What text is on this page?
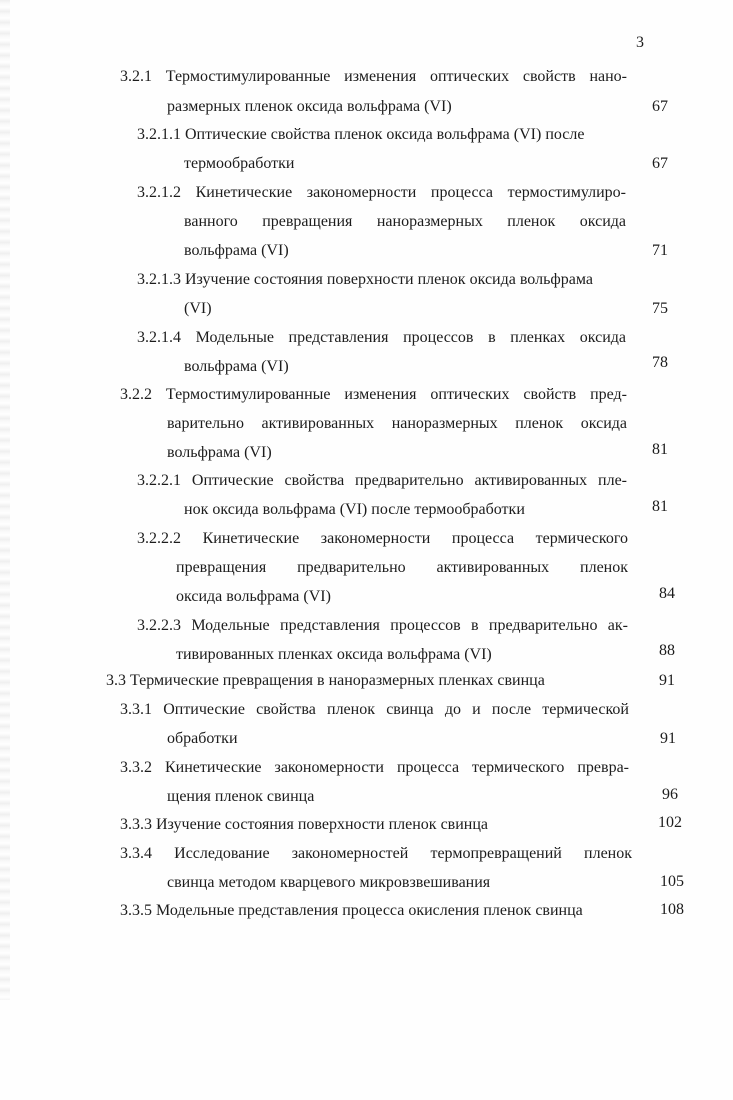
3
3.2.1 Термостимулированные изменения оптических свойств нано-
размерных пленок оксида вольфрама (VI)	67
3.2.1.1 Оптические свойства пленок оксида вольфрама (VI) после
термообработки	67
3.2.1.2 Кинетические закономерности процесса термостимулиро-
ванного превращения наноразмерных пленок оксида
вольфрама (VI)	71
3.2.1.3 Изучение состояния поверхности пленок оксида вольфрама
(VI)	75
3.2.1.4 Модельные представления процессов в пленках оксида
вольфрама (VI)	78
3.2.2 Термостимулированные изменения оптических свойств пред-
варительно активированных наноразмерных пленок оксида
вольфрама (VI)	81
3.2.2.1 Оптические свойства предварительно активированных пле-
нок оксида вольфрама (VI) после термообработки	81
3.2.2.2 Кинетические закономерности процесса термического
превращения предварительно активированных пленок
оксида вольфрама (VI)	84
3.2.2.3 Модельные представления процессов в предварительно ак-
тивированных пленках оксида вольфрама (VI)	88
3.3 Термические превращения в наноразмерных пленках свинца	91
3.3.1 Оптические свойства пленок свинца до и после термической
обработки	91
3.3.2 Кинетические закономерности процесса термического превра-
щения пленок свинца	96
3.3.3 Изучение состояния поверхности пленок свинца	102
3.3.4 Исследование закономерностей термопревращений пленок
свинца методом кварцевого микровзвешивания	105
3.3.5 Модельные представления процесса окисления пленок свинца	108
